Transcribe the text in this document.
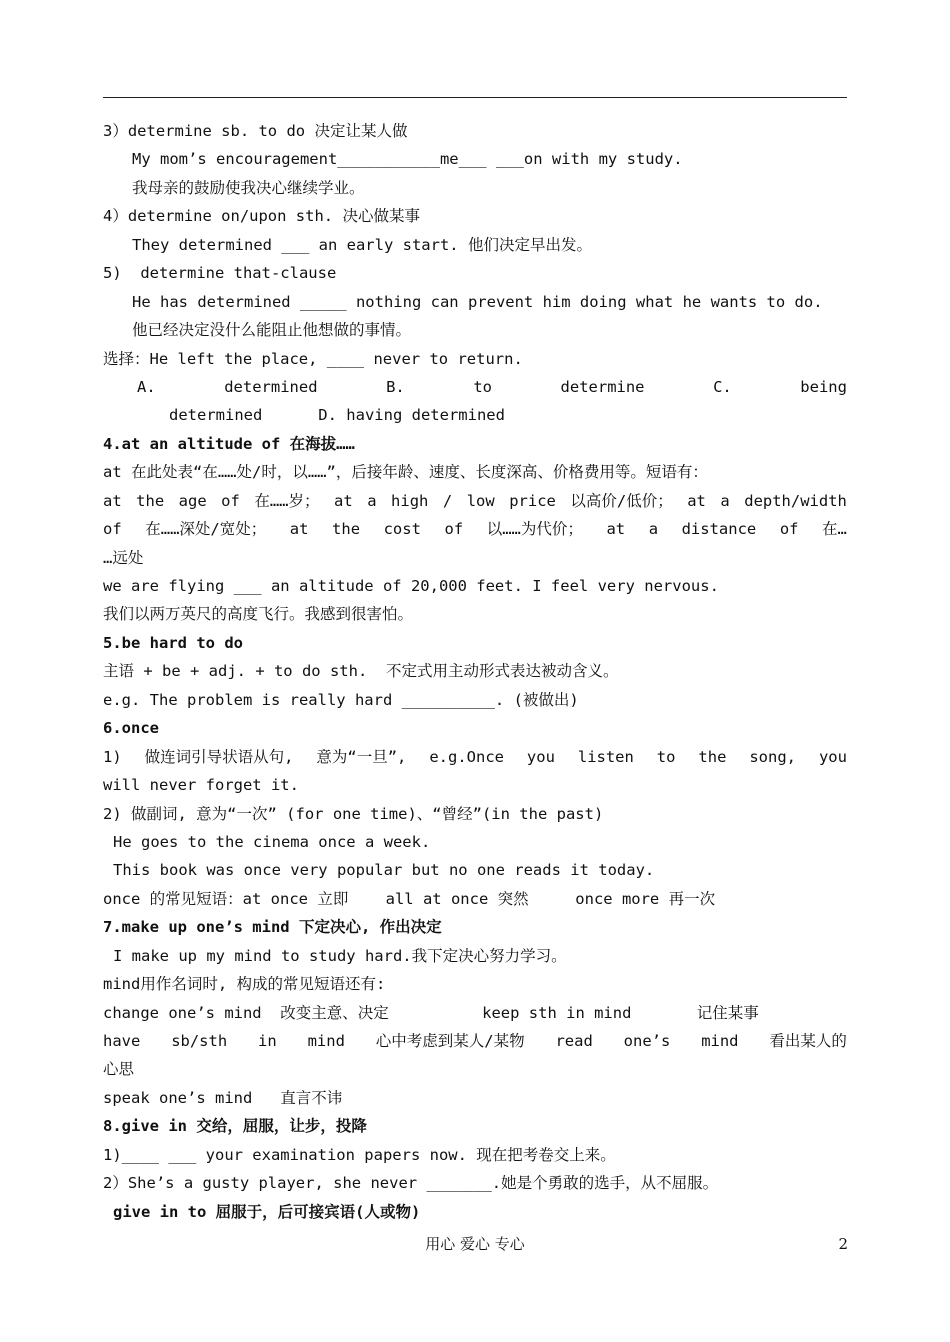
3）determine sb. to do 决定让某人做
My mom’s encouragement___________me___ ___on with my study.
我母亲的鼓励使我决心继续学业。
4）determine on/upon sth. 决心做某事
They determined ___ an early start. 他们决定早出发。
5)  determine that-clause
He has determined _____ nothing can prevent him doing what he wants to do.
他已经决定没什么能阻止他想做的事情。
选择：He left the place, ____ never to return.
A.	determined	B.	to	determine	C.	being
determined      D. having determined
4.at an altitude of 在海拔……
at 在此处表“在……处/时，以……”，后接年龄、速度、长度深高、价格费用等。短语有：
at the age of 在……岁； at a high / low price 以高价/低价； at a depth/width
of 在……深处/宽处； at the cost of 以……为代价； at a distance of 在…
…远处
we are flying ___ an altitude of 20,000 feet. I feel very nervous.
我们以两万英尺的高度飞行。我感到很害怕。
5.be hard to do
主语 + be + adj. + to do sth.  不定式用主动形式表达被动含义。
e.g. The problem is really hard __________. (被做出)
6.once
1) 做连词引导状语从句, 意为“一旦”, e.g.Once you listen to the song, you
will never forget it.
2) 做副词, 意为“一次” (for one time)、“曾经”(in the past)
He goes to the cinema once a week.
This book was once very popular but no one reads it today.
once 的常见短语：at once 立即    all at once 突然     once more 再一次
7.make up one’s mind 下定决心, 作出决定
I make up my mind to study hard.我下定决心努力学习。
mind用作名词时, 构成的常见短语还有:
change one’s mind  改变主意、决定          keep sth in mind       记住某事
have sb/sth in mind 心中考虑到某人/某物 read one’s mind 看出某人的
心思
speak one’s mind   直言不讳
8.give in 交给，屈服，让步，投降
1)____ ___ your examination papers now. 现在把考卷交上来。
2）She’s a gusty player, she never _______.她是个勇敢的选手，从不屈服。
give in to 屈服于，后可接宾语(人或物)
用心 爱心 专心	2
